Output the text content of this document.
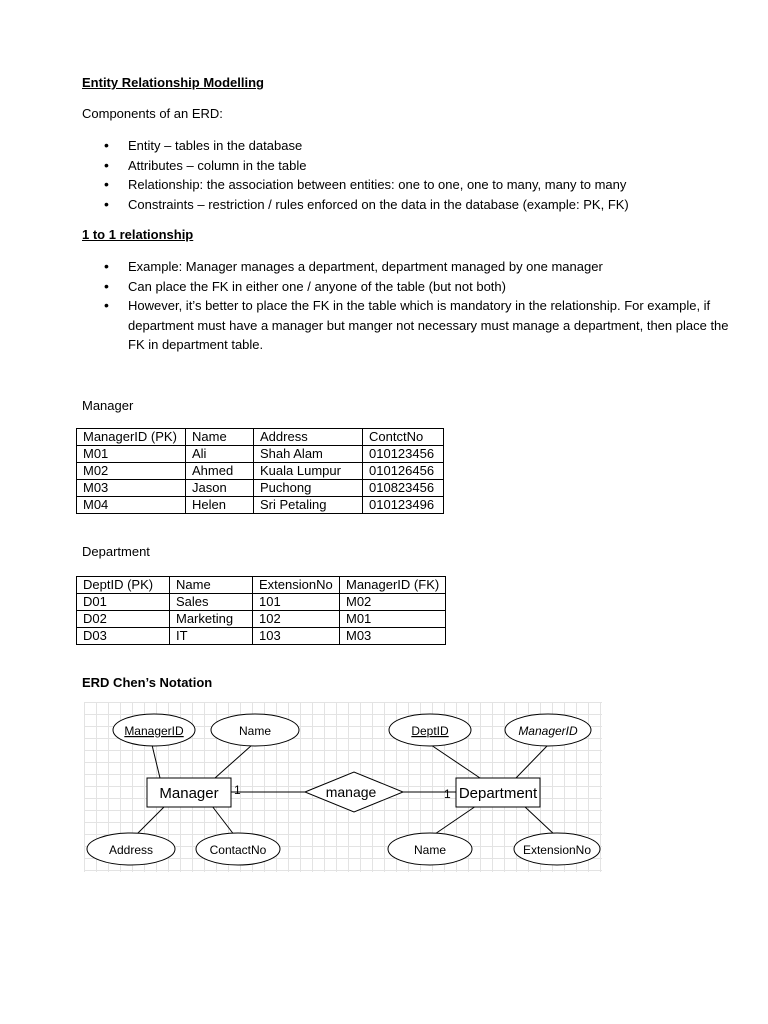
Entity Relationship Modelling
Components of an ERD:
• Entity – tables in the database
• Attributes – column in the table
• Relationship: the association between entities: one to one, one to many, many to many
• Constraints – restriction / rules enforced on the data in the database (example: PK, FK)
1 to 1 relationship
• Example: Manager manages a department, department managed by one manager
• Can place the FK in either one / anyone of the table (but not both)
• However, it’s better to place the FK in the table which is mandatory in the relationship. For example, if department must have a manager but manger not necessary must manage a department, then place the FK in department table.
Manager
ManagerID (PK)	Name	Address	ContctNo
M01	Ali	Shah Alam	010123456
M02	Ahmed	Kuala Lumpur	010126456
M03	Jason	Puchong	010823456
M04	Helen	Sri Petaling	010123496
Department
DeptID (PK)	Name	ExtensionNo	ManagerID (FK)
D01	Sales	101	M02
D02	Marketing	102	M01
D03	IT	103	M03
ERD Chen’s Notation
Manager	Department
manage
1	1
ManagerID	Name
Address	ContactNo
DeptID	ManagerID
Name	ExtensionNo
